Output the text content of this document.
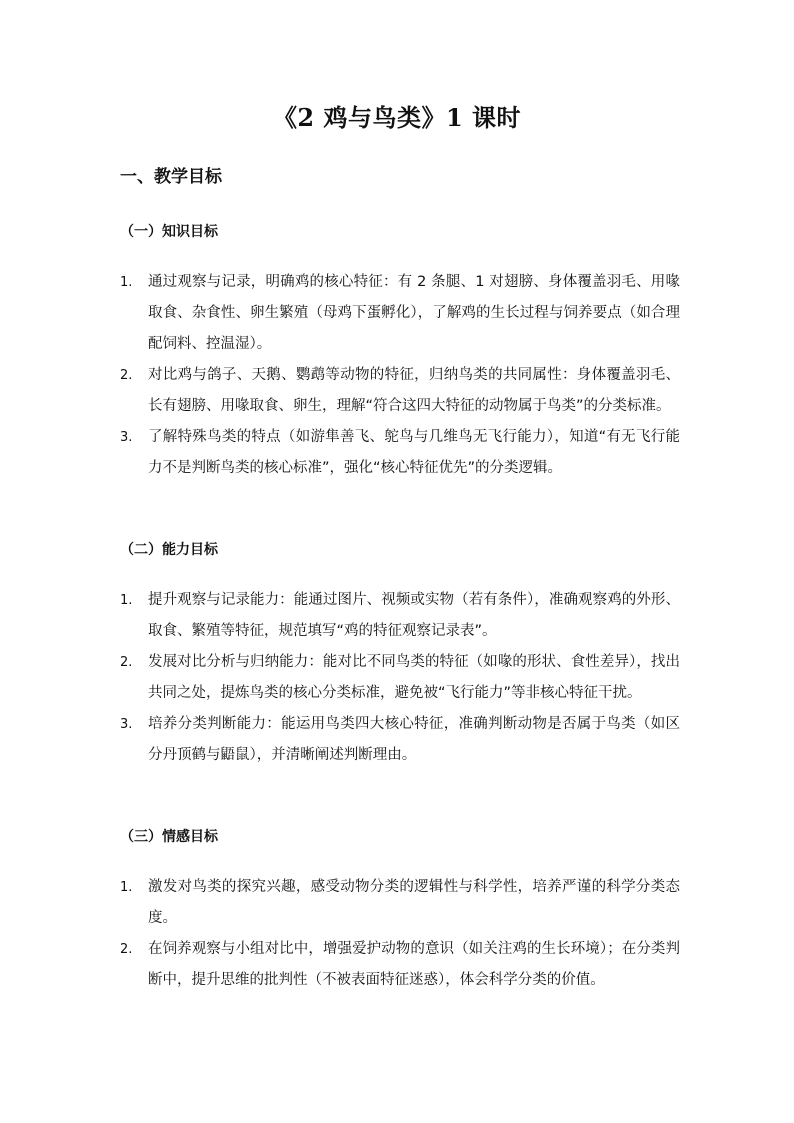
《2 鸡与鸟类》1 课时
一、教学目标
（一）知识目标
1. 通过观察与记录，明确鸡的核心特征：有 2 条腿、1 对翅膀、身体覆盖羽毛、用喙取食、杂食性、卵生繁殖（母鸡下蛋孵化），了解鸡的生长过程与饲养要点（如合理配饲料、控温湿）。
2. 对比鸡与鸽子、天鹅、鹦鹉等动物的特征，归纳鸟类的共同属性：身体覆盖羽毛、长有翅膀、用喙取食、卵生，理解“符合这四大特征的动物属于鸟类”的分类标准。
3. 了解特殊鸟类的特点（如游隼善飞、鸵鸟与几维鸟无飞行能力），知道“有无飞行能力不是判断鸟类的核心标准”，强化“核心特征优先”的分类逻辑。
（二）能力目标
1. 提升观察与记录能力：能通过图片、视频或实物（若有条件），准确观察鸡的外形、取食、繁殖等特征，规范填写“鸡的特征观察记录表”。
2. 发展对比分析与归纳能力：能对比不同鸟类的特征（如喙的形状、食性差异），找出共同之处，提炼鸟类的核心分类标准，避免被“飞行能力”等非核心特征干扰。
3. 培养分类判断能力：能运用鸟类四大核心特征，准确判断动物是否属于鸟类（如区分丹顶鹤与鼯鼠），并清晰阐述判断理由。
（三）情感目标
1. 激发对鸟类的探究兴趣，感受动物分类的逻辑性与科学性，培养严谨的科学分类态度。
2. 在饲养观察与小组对比中，增强爱护动物的意识（如关注鸡的生长环境）；在分类判断中，提升思维的批判性（不被表面特征迷惑），体会科学分类的价值。
